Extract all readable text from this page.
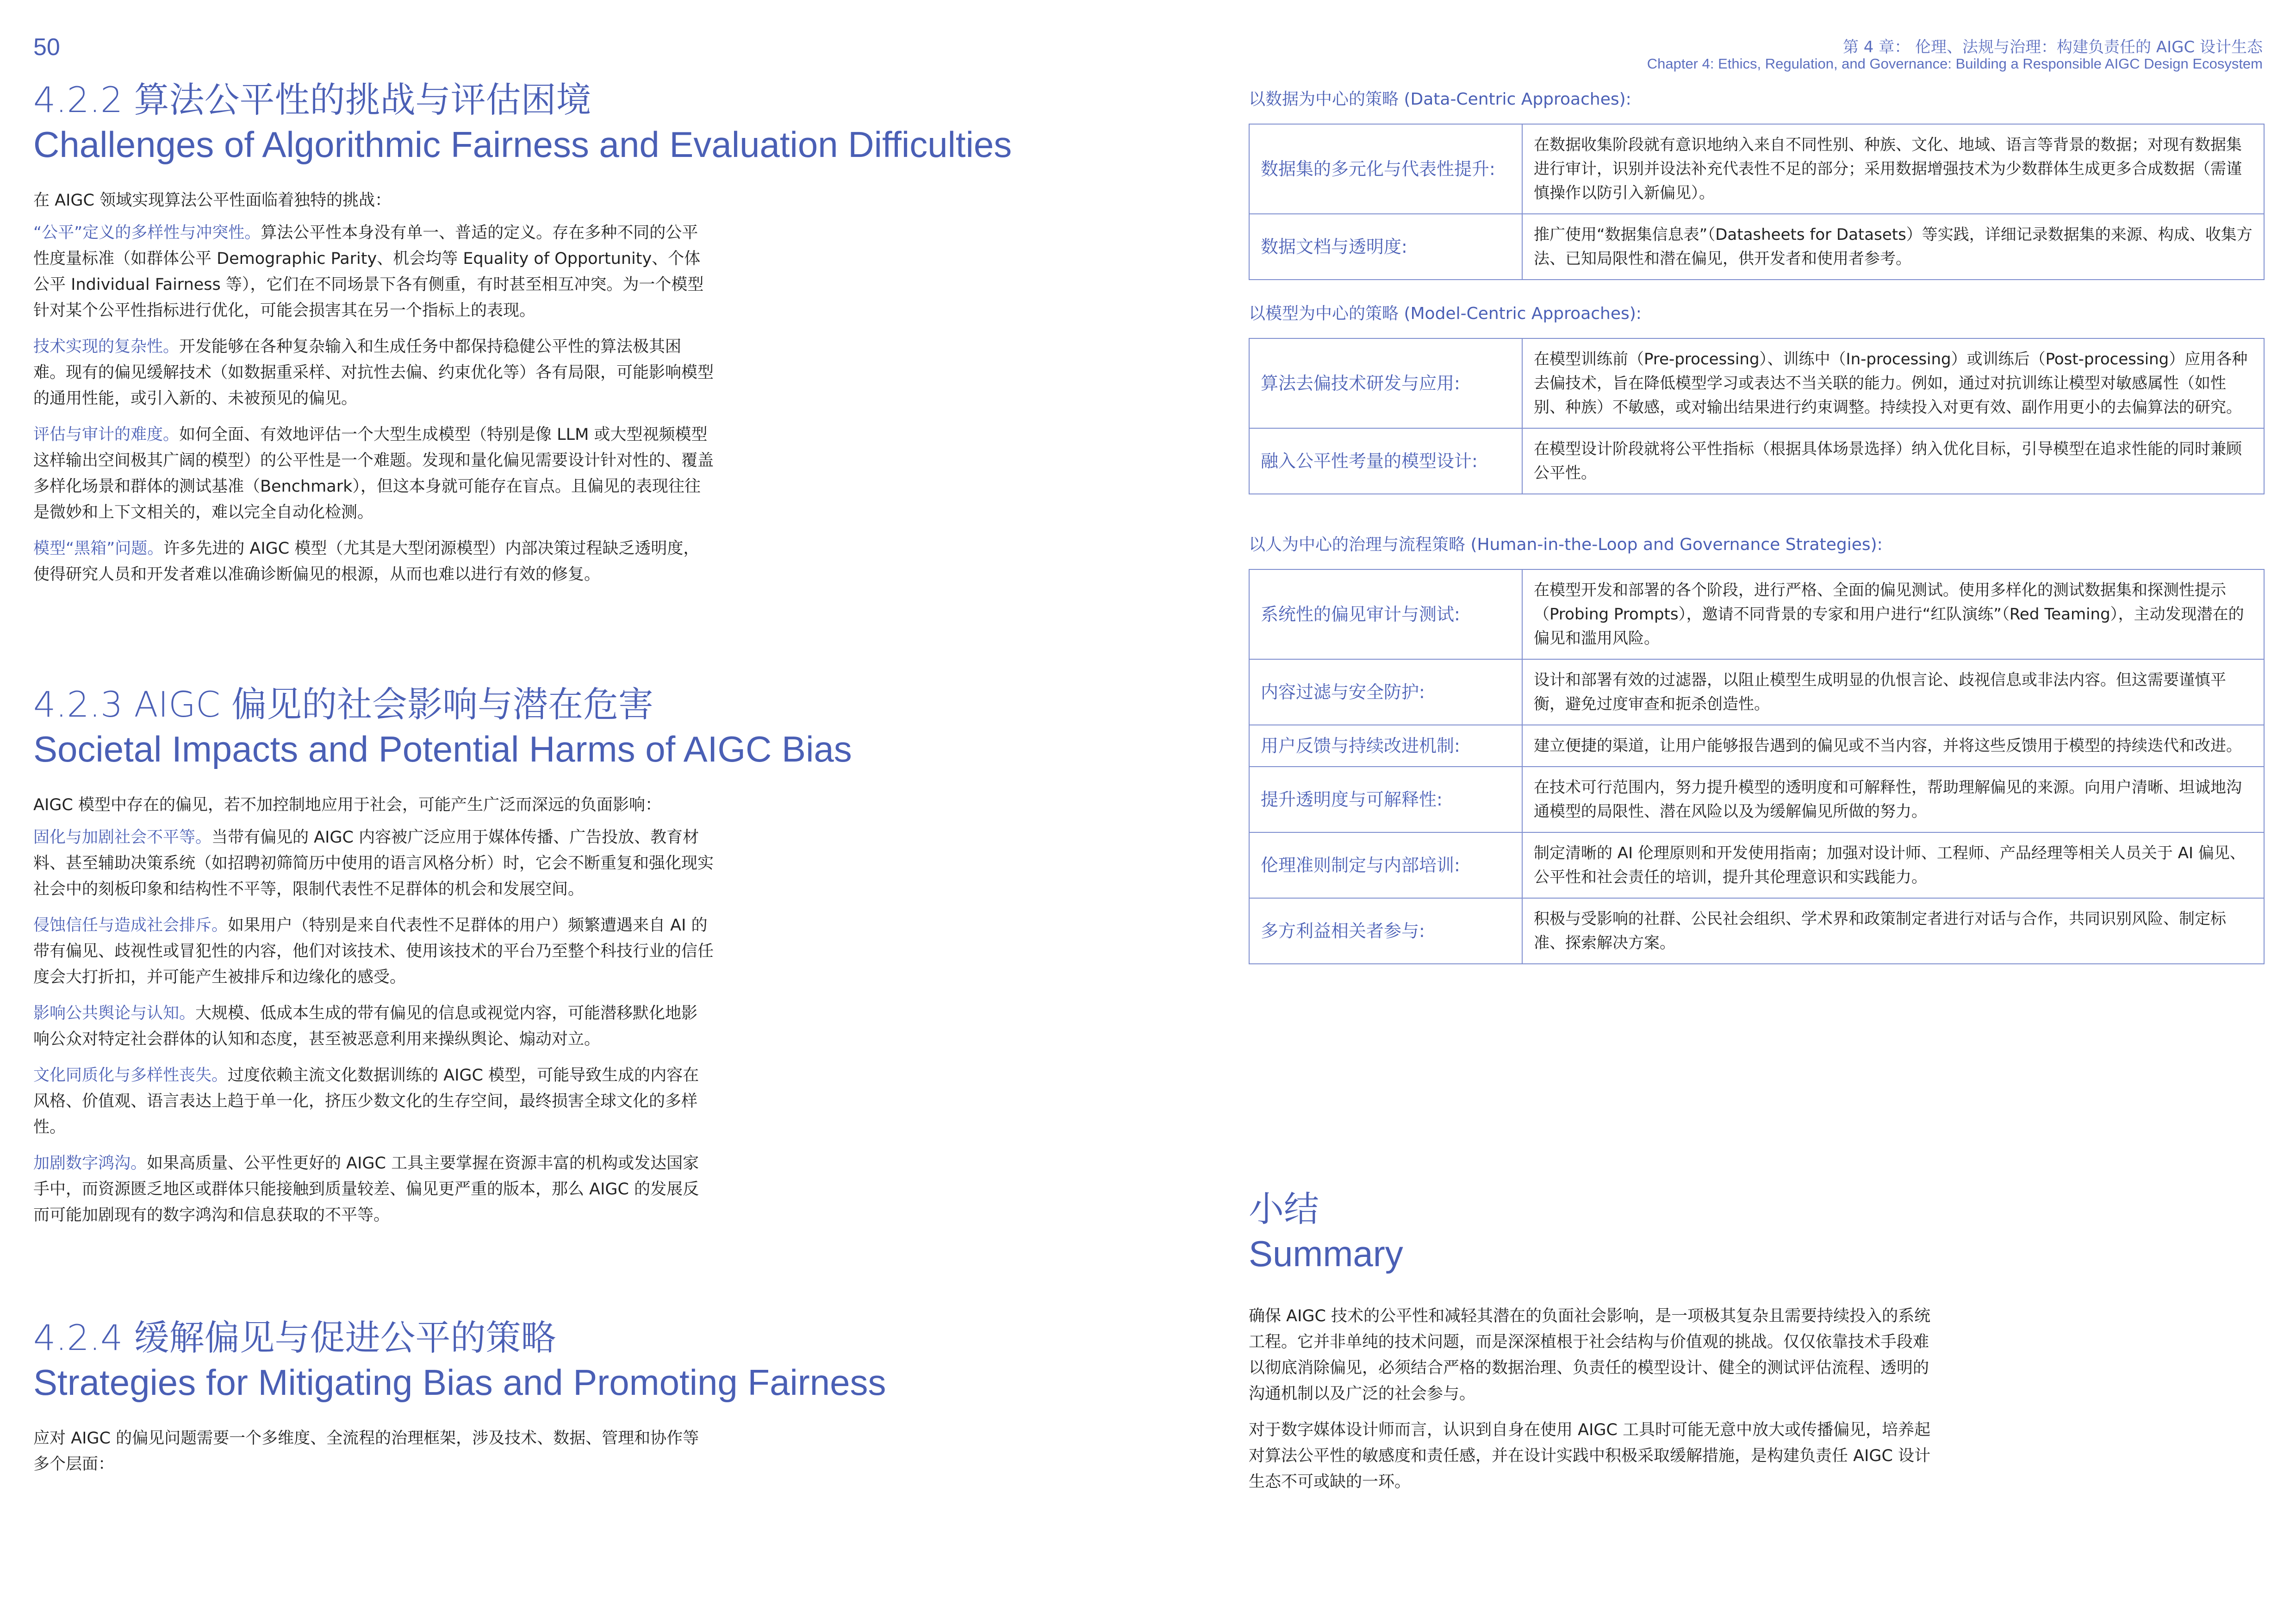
50	第 4 章： 伦理、法规与治理：构建负责任的 AIGC 设计生态
Chapter 4: Ethics, Regulation, and Governance: Building a Responsible AIGC Design Ecosystem
4.2.2 算法公平性的挑战与评估困境
Challenges of Algorithmic Fairness and Evaluation Difficulties
在 AIGC 领域实现算法公平性面临着独特的挑战：
“公平”定义的多样性与冲突性。算法公平性本身没有单一、普适的定义。存在多种不同的公平性度量标准（如群体公平 Demographic Parity、机会均等 Equality of Opportunity、个体公平 Individual Fairness 等），它们在不同场景下各有侧重，有时甚至相互冲突。为一个模型针对某个公平性指标进行优化，可能会损害其在另一个指标上的表现。
技术实现的复杂性。开发能够在各种复杂输入和生成任务中都保持稳健公平性的算法极其困难。现有的偏见缓解技术（如数据重采样、对抗性去偏、约束优化等）各有局限，可能影响模型的通用性能，或引入新的、未被预见的偏见。
评估与审计的难度。如何全面、有效地评估一个大型生成模型（特别是像 LLM 或大型视频模型这样输出空间极其广阔的模型）的公平性是一个难题。发现和量化偏见需要设计针对性的、覆盖多样化场景和群体的测试基准（Benchmark），但这本身就可能存在盲点。且偏见的表现往往是微妙和上下文相关的，难以完全自动化检测。
模型“黑箱”问题。许多先进的 AIGC 模型（尤其是大型闭源模型）内部决策过程缺乏透明度，使得研究人员和开发者难以准确诊断偏见的根源，从而也难以进行有效的修复。
4.2.3 AIGC 偏见的社会影响与潜在危害
Societal Impacts and Potential Harms of AIGC Bias
AIGC 模型中存在的偏见，若不加控制地应用于社会，可能产生广泛而深远的负面影响：
固化与加剧社会不平等。当带有偏见的 AIGC 内容被广泛应用于媒体传播、广告投放、教育材料、甚至辅助决策系统（如招聘初筛简历中使用的语言风格分析）时，它会不断重复和强化现实社会中的刻板印象和结构性不平等，限制代表性不足群体的机会和发展空间。
侵蚀信任与造成社会排斥。如果用户（特别是来自代表性不足群体的用户）频繁遭遇来自 AI 的带有偏见、歧视性或冒犯性的内容，他们对该技术、使用该技术的平台乃至整个科技行业的信任度会大打折扣，并可能产生被排斥和边缘化的感受。
影响公共舆论与认知。大规模、低成本生成的带有偏见的信息或视觉内容，可能潜移默化地影响公众对特定社会群体的认知和态度，甚至被恶意利用来操纵舆论、煽动对立。
文化同质化与多样性丧失。过度依赖主流文化数据训练的 AIGC 模型，可能导致生成的内容在风格、价值观、语言表达上趋于单一化，挤压少数文化的生存空间，最终损害全球文化的多样性。
加剧数字鸿沟。如果高质量、公平性更好的 AIGC 工具主要掌握在资源丰富的机构或发达国家手中，而资源匮乏地区或群体只能接触到质量较差、偏见更严重的版本，那么 AIGC 的发展反而可能加剧现有的数字鸿沟和信息获取的不平等。
4.2.4 缓解偏见与促进公平的策略
Strategies for Mitigating Bias and Promoting Fairness
应对 AIGC 的偏见问题需要一个多维度、全流程的治理框架，涉及技术、数据、管理和协作等多个层面：
以数据为中心的策略 (Data-Centric Approaches):
数据集的多元化与代表性提升:	在数据收集阶段就有意识地纳入来自不同性别、种族、文化、地域、语言等背景的数据；对现有数据集进行审计，识别并设法补充代表性不足的部分；采用数据增强技术为少数群体生成更多合成数据（需谨慎操作以防引入新偏见）。
数据文档与透明度:	推广使用“数据集信息表”（Datasheets for Datasets）等实践，详细记录数据集的来源、构成、收集方法、已知局限性和潜在偏见，供开发者和使用者参考。
以模型为中心的策略 (Model-Centric Approaches):
算法去偏技术研发与应用:	在模型训练前（Pre-processing）、训练中（In-processing）或训练后（Post-processing）应用各种去偏技术，旨在降低模型学习或表达不当关联的能力。例如，通过对抗训练让模型对敏感属性（如性别、种族）不敏感，或对输出结果进行约束调整。持续投入对更有效、副作用更小的去偏算法的研究。
融入公平性考量的模型设计:	在模型设计阶段就将公平性指标（根据具体场景选择）纳入优化目标，引导模型在追求性能的同时兼顾公平性。
以人为中心的治理与流程策略 (Human-in-the-Loop and Governance Strategies):
系统性的偏见审计与测试:	在模型开发和部署的各个阶段，进行严格、全面的偏见测试。使用多样化的测试数据集和探测性提示（Probing Prompts），邀请不同背景的专家和用户进行“红队演练”（Red Teaming），主动发现潜在的偏见和滥用风险。
内容过滤与安全防护:	设计和部署有效的过滤器，以阻止模型生成明显的仇恨言论、歧视信息或非法内容。但这需要谨慎平衡，避免过度审查和扼杀创造性。
用户反馈与持续改进机制:	建立便捷的渠道，让用户能够报告遇到的偏见或不当内容，并将这些反馈用于模型的持续迭代和改进。
提升透明度与可解释性:	在技术可行范围内，努力提升模型的透明度和可解释性，帮助理解偏见的来源。向用户清晰、坦诚地沟通模型的局限性、潜在风险以及为缓解偏见所做的努力。
伦理准则制定与内部培训:	制定清晰的 AI 伦理原则和开发使用指南；加强对设计师、工程师、产品经理等相关人员关于 AI 偏见、公平性和社会责任的培训，提升其伦理意识和实践能力。
多方利益相关者参与:	积极与受影响的社群、公民社会组织、学术界和政策制定者进行对话与合作，共同识别风险、制定标准、探索解决方案。
小结
Summary
确保 AIGC 技术的公平性和减轻其潜在的负面社会影响，是一项极其复杂且需要持续投入的系统工程。它并非单纯的技术问题，而是深深植根于社会结构与价值观的挑战。仅仅依靠技术手段难以彻底消除偏见，必须结合严格的数据治理、负责任的模型设计、健全的测试评估流程、透明的沟通机制以及广泛的社会参与。
对于数字媒体设计师而言，认识到自身在使用 AIGC 工具时可能无意中放大或传播偏见，培养起对算法公平性的敏感度和责任感，并在设计实践中积极采取缓解措施，是构建负责任 AIGC 设计生态不可或缺的一环。
